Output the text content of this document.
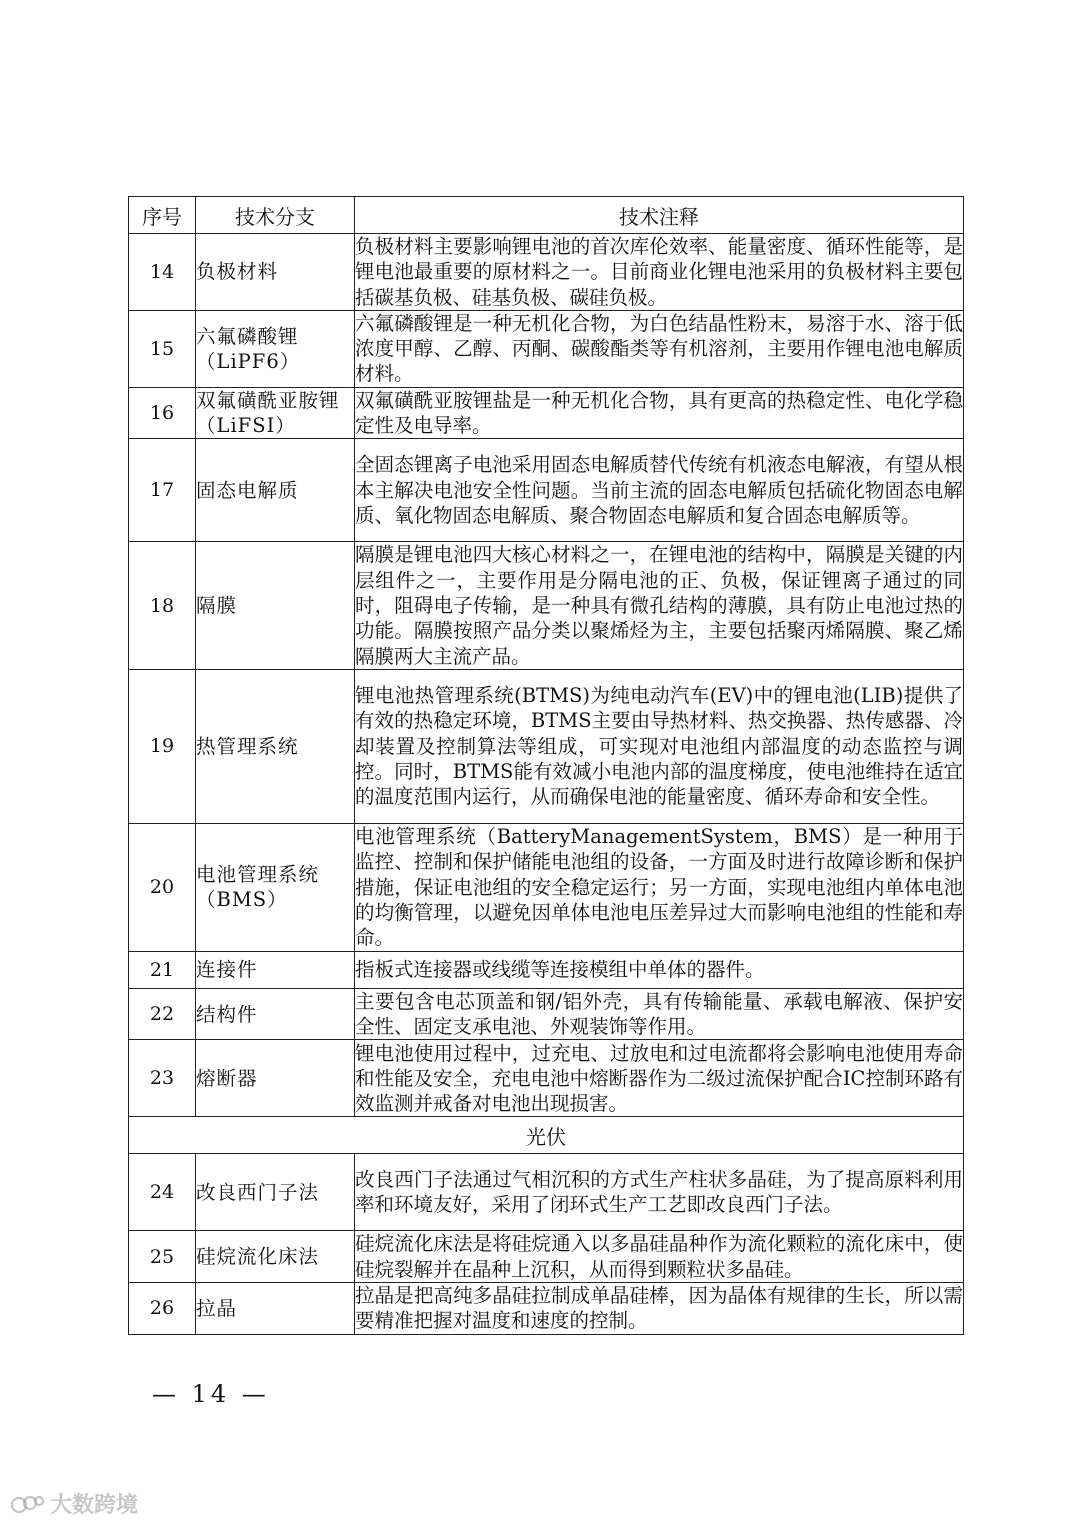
序号	技术分支	技术注释
14	负极材料	负极材料主要影响锂电池的首次库伦效率、能量密度、循环性能等，是锂电池最重要的原材料之一。目前商业化锂电池采用的负极材料主要包括碳基负极、硅基负极、碳硅负极。
15	六氟磷酸锂（LiPF6）	六氟磷酸锂是一种无机化合物，为白色结晶性粉末，易溶于水、溶于低浓度甲醇、乙醇、丙酮、碳酸酯类等有机溶剂，主要用作锂电池电解质材料。
16	双氟磺酰亚胺锂（LiFSI）	双氟磺酰亚胺锂盐是一种无机化合物，具有更高的热稳定性、电化学稳定性及电导率。
17	固态电解质	全固态锂离子电池采用固态电解质替代传统有机液态电解液，有望从根本主解决电池安全性问题。当前主流的固态电解质包括硫化物固态电解质、氧化物固态电解质、聚合物固态电解质和复合固态电解质等。
18	隔膜	隔膜是锂电池四大核心材料之一，在锂电池的结构中，隔膜是关键的内层组件之一，主要作用是分隔电池的正、负极，保证锂离子通过的同时，阻碍电子传输，是一种具有微孔结构的薄膜，具有防止电池过热的功能。隔膜按照产品分类以聚烯烃为主，主要包括聚丙烯隔膜、聚乙烯隔膜两大主流产品。
19	热管理系统	锂电池热管理系统(BTMS)为纯电动汽车(EV)中的锂电池(LIB)提供了有效的热稳定环境，BTMS主要由导热材料、热交换器、热传感器、冷却装置及控制算法等组成，可实现对电池组内部温度的动态监控与调控。同时，BTMS能有效减小电池内部的温度梯度，使电池维持在适宜的温度范围内运行，从而确保电池的能量密度、循环寿命和安全性。
20	电池管理系统（BMS）	电池管理系统（BatteryManagementSystem，BMS）是一种用于监控、控制和保护储能电池组的设备，一方面及时进行故障诊断和保护措施，保证电池组的安全稳定运行；另一方面，实现电池组内单体电池的均衡管理，以避免因单体电池电压差异过大而影响电池组的性能和寿命。
21	连接件	指板式连接器或线缆等连接模组中单体的器件。
22	结构件	主要包含电芯顶盖和钢/铝外壳，具有传输能量、承载电解液、保护安全性、固定支承电池、外观装饰等作用。
23	熔断器	锂电池使用过程中，过充电、过放电和过电流都将会影响电池使用寿命和性能及安全，充电电池中熔断器作为二级过流保护配合IC控制环路有效监测并戒备对电池出现损害。
光伏		
24	改良西门子法	改良西门子法通过气相沉积的方式生产柱状多晶硅，为了提高原料利用率和环境友好，采用了闭环式生产工艺即改良西门子法。
25	硅烷流化床法	硅烷流化床法是将硅烷通入以多晶硅晶种作为流化颗粒的流化床中，使硅烷裂解并在晶种上沉积，从而得到颗粒状多晶硅。
26	拉晶	拉晶是把高纯多晶硅拉制成单晶硅棒，因为晶体有规律的生长，所以需要精准把握对温度和速度的控制。
— 14 —
大数跨境
